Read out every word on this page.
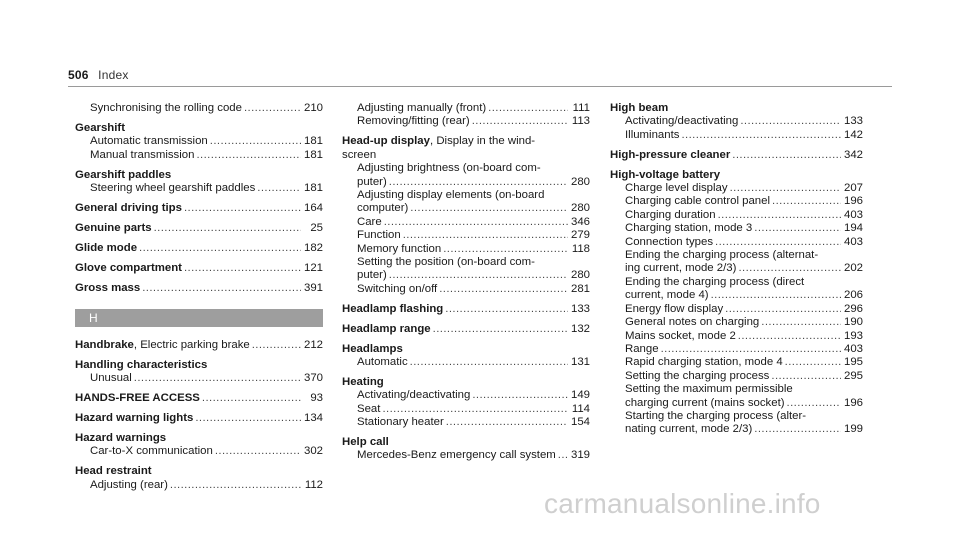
506 Index
Synchronising the rolling code .....	210
Gearshift
Automatic transmission .....	181
Manual transmission .....	181
Gearshift paddles
Steering wheel gearshift paddles .....	181
General driving tips .....	164
Genuine parts .....	25
Glide mode .....	182
Glove compartment .....	121
Gross mass .....	391
H
Handbrake , Electric parking brake .....	212
Handling characteristics
Unusual .....	370
HANDS-FREE ACCESS .....	93
Hazard warning lights .....	134
Hazard warnings
Car-to-X communication .....	302
Head restraint
Adjusting (rear) .....	112
Adjusting manually (front) .....	111
Removing/fitting (rear) .....	113
Head-up display , Display in the wind-
screen
Adjusting brightness (on-board com-
puter) .....	280
Adjusting display elements (on-board
computer) .....	280
Care .....	346
Function .....	279
Memory function .....	118
Setting the position (on-board com-
puter) .....	280
Switching on/off .....	281
Headlamp flashing .....	133
Headlamp range .....	132
Headlamps
Automatic .....	131
Heating
Activating/deactivating .....	149
Seat .....	114
Stationary heater .....	154
Help call
Mercedes-Benz emergency call system ..... 319
High beam
Activating/deactivating .....	133
Illuminants .....	142
High-pressure cleaner .....	342
High-voltage battery
Charge level display .....	207
Charging cable control panel .....	196
Charging duration .....	403
Charging station, mode 3 .....	194
Connection types .....	403
Ending the charging process (alternat-
ing current, mode 2/3) .....	202
Ending the charging process (direct
current, mode 4) .....	206
Energy flow display .....	296
General notes on charging .....	190
Mains socket, mode 2 .....	193
Range .....	403
Rapid charging station, mode 4 .....	195
Setting the charging process .....	295
Setting the maximum permissible
charging current (mains socket) .....	196
Starting the charging process (alter-
nating current, mode 2/3) .....	199
carmanualsonline.info
